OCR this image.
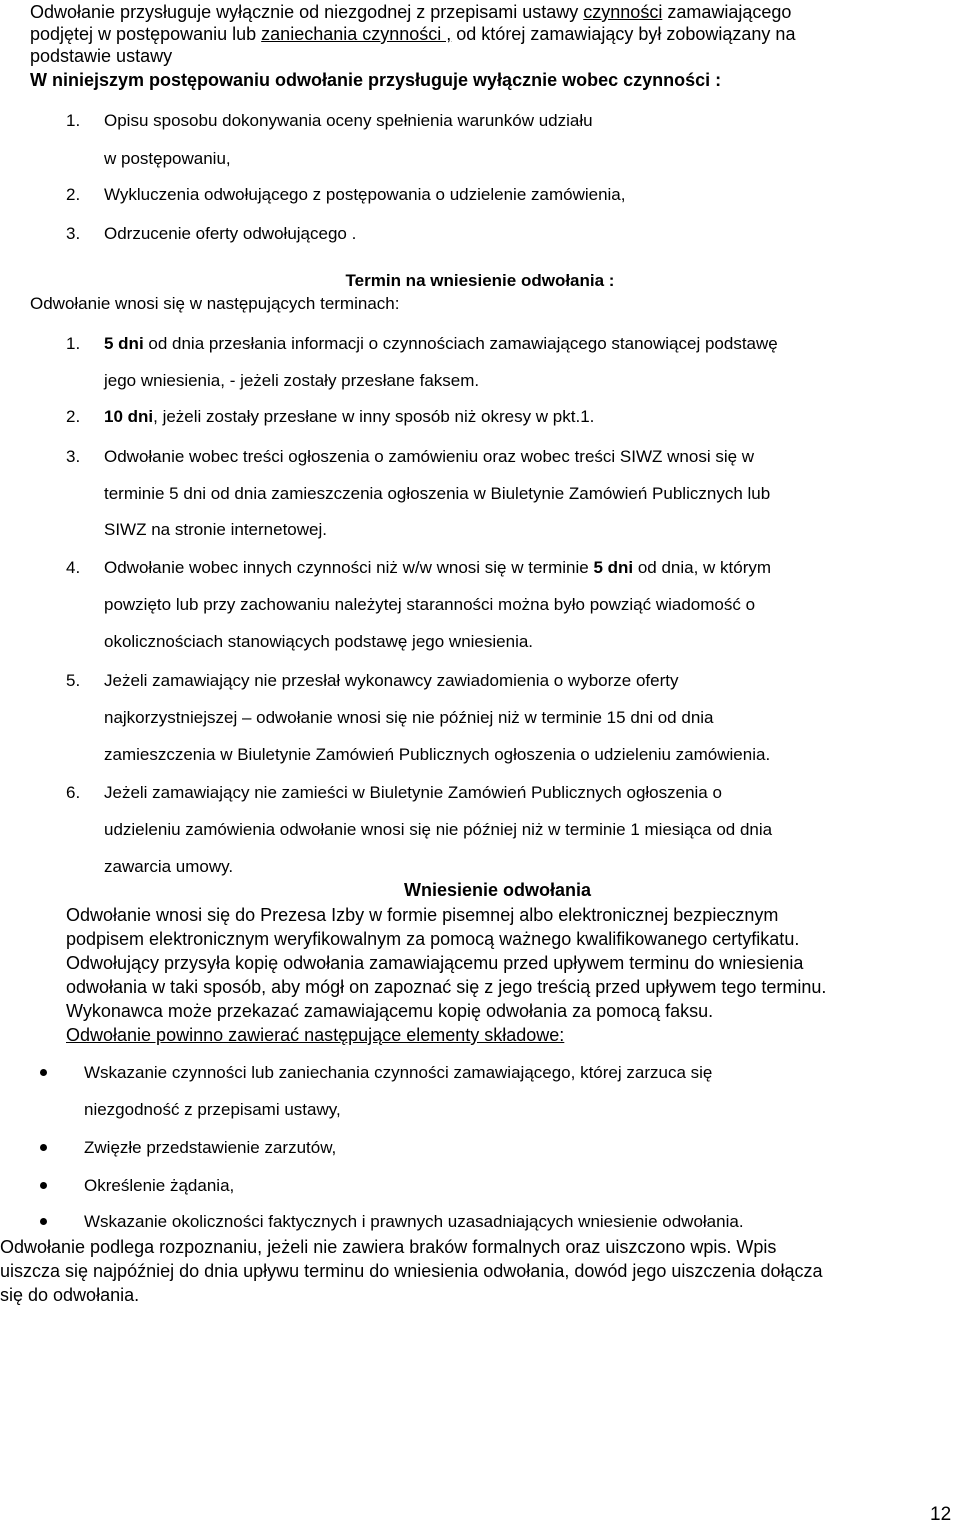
Odwołanie przysługuje wyłącznie od niezgodnej z przepisami ustawy czynności zamawiającego
podjętej w postępowaniu lub zaniechania czynności , od której zamawiający był zobowiązany na
podstawie ustawy
W niniejszym postępowaniu odwołanie przysługuje wyłącznie wobec czynności :
1. Opisu sposobu dokonywania oceny spełnienia warunków udziału
w postępowaniu,
2. Wykluczenia odwołującego z postępowania o udzielenie zamówienia,
3. Odrzucenie oferty odwołującego .
Termin na wniesienie odwołania :
Odwołanie wnosi się w następujących terminach:
1. 5 dni od dnia przesłania informacji o czynnościach zamawiającego stanowiącej podstawę
jego wniesienia, - jeżeli zostały przesłane faksem.
2. 10 dni, jeżeli zostały przesłane w inny sposób niż okresy w pkt.1.
3. Odwołanie wobec treści ogłoszenia o zamówieniu oraz wobec treści SIWZ wnosi się w
terminie 5 dni od dnia zamieszczenia ogłoszenia w Biuletynie Zamówień Publicznych lub
SIWZ na stronie internetowej.
4. Odwołanie wobec innych czynności niż w/w wnosi się w terminie 5 dni od dnia, w którym
powzięto lub przy zachowaniu należytej staranności można było powziąć wiadomość o
okolicznościach stanowiących podstawę jego wniesienia.
5. Jeżeli zamawiający nie przesłał wykonawcy zawiadomienia o wyborze oferty
najkorzystniejszej – odwołanie wnosi się nie później niż w terminie 15 dni od dnia
zamieszczenia w Biuletynie Zamówień Publicznych ogłoszenia o udzieleniu zamówienia.
6. Jeżeli zamawiający nie zamieści w Biuletynie Zamówień Publicznych ogłoszenia o
udzieleniu zamówienia odwołanie wnosi się nie później niż w terminie 1 miesiąca od dnia
zawarcia umowy.
Wniesienie odwołania
Odwołanie wnosi się do Prezesa Izby w formie pisemnej albo elektronicznej bezpiecznym
podpisem elektronicznym weryfikowalnym za pomocą ważnego kwalifikowanego certyfikatu.
Odwołujący przysyła kopię odwołania zamawiającemu przed upływem terminu do wniesienia
odwołania w taki sposób, aby mógł on zapoznać się z jego treścią przed upływem tego terminu.
Wykonawca może przekazać zamawiającemu kopię odwołania za pomocą faksu.
Odwołanie powinno zawierać następujące elementy składowe:
Wskazanie czynności lub zaniechania czynności zamawiającego, której zarzuca się
niezgodność z przepisami ustawy,
Zwięzłe przedstawienie zarzutów,
Określenie żądania,
Wskazanie okoliczności faktycznych i prawnych uzasadniających wniesienie odwołania.
Odwołanie podlega rozpoznaniu, jeżeli nie zawiera braków formalnych oraz uiszczono wpis. Wpis
uiszcza się najpóźniej do dnia upływu terminu do wniesienia odwołania, dowód jego uiszczenia dołącza
się do odwołania.
12
